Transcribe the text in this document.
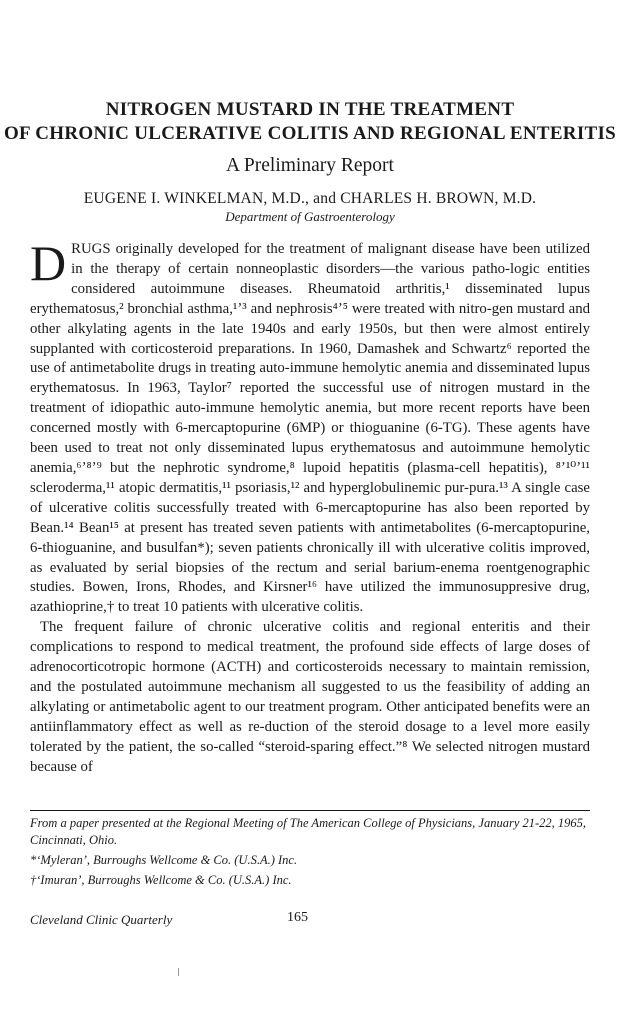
NITROGEN MUSTARD IN THE TREATMENT
OF CHRONIC ULCERATIVE COLITIS AND REGIONAL ENTERITIS
A Preliminary Report
EUGENE I. WINKELMAN, M.D., and CHARLES H. BROWN, M.D.
Department of Gastroenterology

DRUGS originally developed for the treatment of malignant disease have been utilized in the therapy of certain nonneoplastic disorders—the various patho-logic entities considered autoimmune diseases. Rheumatoid arthritis,¹ disseminated lupus erythematosus,² bronchial asthma,¹ʼ³ and nephrosis⁴ʼ⁵ were treated with nitro-gen mustard and other alkylating agents in the late 1940s and early 1950s, but then were almost entirely supplanted with corticosteroid preparations. In 1960, Damashek and Schwartz⁶ reported the use of antimetabolite drugs in treating auto-immune hemolytic anemia and disseminated lupus erythematosus. In 1963, Taylor⁷ reported the successful use of nitrogen mustard in the treatment of idiopathic auto-immune hemolytic anemia, but more recent reports have been concerned mostly with 6-mercaptopurine (6MP) or thioguanine (6-TG). These agents have been used to treat not only disseminated lupus erythematosus and autoimmune hemolytic anemia,⁶ʼ⁸ʼ⁹ but the nephrotic syndrome,⁸ lupoid hepatitis (plasma-cell hepatitis), ⁸ʼ¹⁰ʼ¹¹ scleroderma,¹¹ atopic dermatitis,¹¹ psoriasis,¹² and hyperglobulinemic pur-pura.¹³ A single case of ulcerative colitis successfully treated with 6-mercaptopurine has also been reported by Bean.¹⁴ Bean¹⁵ at present has treated seven patients with antimetabolites (6-mercaptopurine, 6-thioguanine, and busulfan*); seven patients chronically ill with ulcerative colitis improved, as evaluated by serial biopsies of the rectum and serial barium-enema roentgenographic studies. Bowen, Irons, Rhodes, and Kirsner¹⁶ have utilized the immunosuppresive drug, azathioprine,† to treat 10 patients with ulcerative colitis.

The frequent failure of chronic ulcerative colitis and regional enteritis and their complications to respond to medical treatment, the profound side effects of large doses of adrenocorticotropic hormone (ACTH) and corticosteroids necessary to maintain remission, and the postulated autoimmune mechanism all suggested to us the feasibility of adding an alkylating or antimetabolic agent to our treatment program. Other anticipated benefits were an antiinflammatory effect as well as re-duction of the steroid dosage to a level more easily tolerated by the patient, the so-called “steroid-sparing effect.”⁸ We selected nitrogen mustard because of

From a paper presented at the Regional Meeting of The American College of Physicians, January 21-22, 1965, Cincinnati, Ohio.
*‘Myleran’, Burroughs Wellcome & Co. (U.S.A.) Inc.
†‘Imuran’, Burroughs Wellcome & Co. (U.S.A.) Inc.
Cleveland Clinic Quarterly	165
